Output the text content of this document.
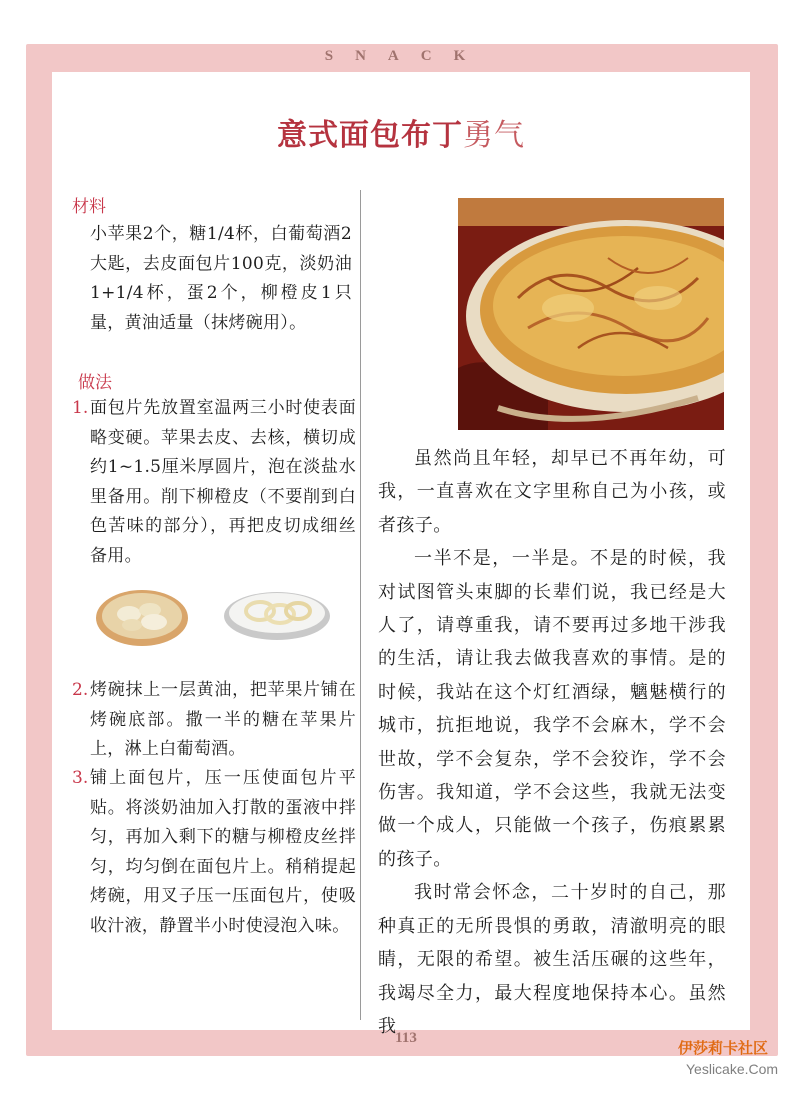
SNACK
意式面包布丁勇气
材料
小苹果2个，糖1/4杯，白葡萄酒2大匙，去皮面包片100克，淡奶油1+1/4杯，蛋2个，柳橙皮1只量，黄油适量（抹烤碗用）。
做法
1. 面包片先放置室温两三小时使表面略变硬。苹果去皮、去核，横切成约1~1.5厘米厚圆片，泡在淡盐水里备用。削下柳橙皮（不要削到白色苦味的部分），再把皮切成细丝备用。
2. 烤碗抹上一层黄油，把苹果片铺在烤碗底部。撒一半的糖在苹果片上，淋上白葡萄酒。
3. 铺上面包片，压一压使面包片平贴。将淡奶油加入打散的蛋液中拌匀，再加入剩下的糖与柳橙皮丝拌匀，均匀倒在面包片上。稍稍提起烤碗，用叉子压一压面包片，使吸收汁液，静置半小时使浸泡入味。

虽然尚且年轻，却早已不再年幼，可我，一直喜欢在文字里称自己为小孩，或者孩子。

一半不是，一半是。不是的时候，我对试图管头束脚的长辈们说，我已经是大人了，请尊重我，请不要再过多地干涉我的生活，请让我去做我喜欢的事情。是的时候，我站在这个灯红酒绿，魑魅横行的城市，抗拒地说，我学不会麻木，学不会世故，学不会复杂，学不会狡诈，学不会伤害。我知道，学不会这些，我就无法变做一个成人，只能做一个孩子，伤痕累累的孩子。

我时常会怀念，二十岁时的自己，那种真正的无所畏惧的勇敢，清澈明亮的眼睛，无限的希望。被生活压碾的这些年，我竭尽全力，最大程度地保持本心。虽然我

113
伊莎莉卡社区
Yeslicake.Com
